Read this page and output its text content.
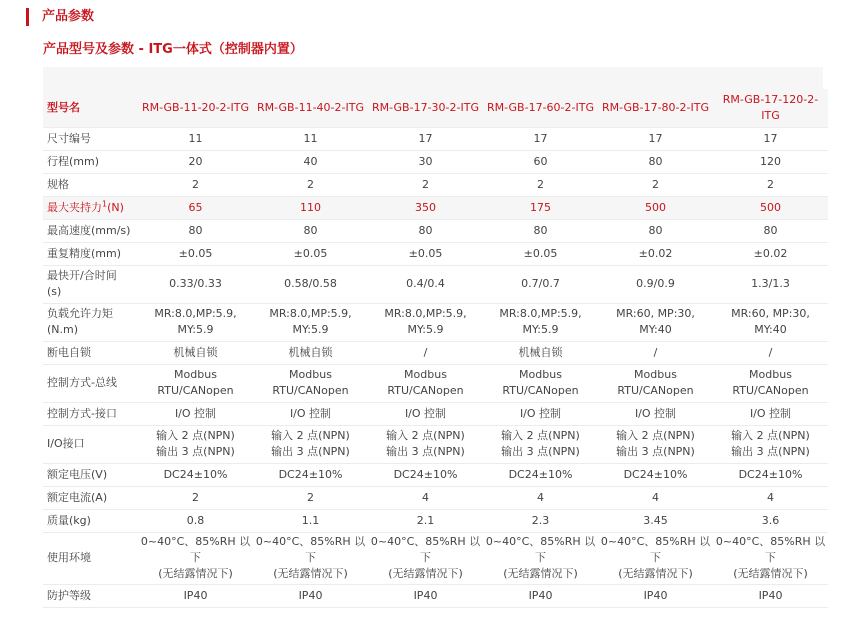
产品参数
产品型号及参数 - ITG一体式（控制器内置）
型号名	RM-GB-11-20-2-ITG	RM-GB-11-40-2-ITG	RM-GB-17-30-2-ITG	RM-GB-17-60-2-ITG	RM-GB-17-80-2-ITG	RM-GB-17-120-2-ITG
尺寸编号	11	11	17	17	17	17
行程(mm)	20	40	30	60	80	120
规格	2	2	2	2	2	2
最大夹持力$^1$(N)	65	110	350	175	500	500
最高速度(mm/s)	80	80	80	80	80	80
重复精度(mm)	±0.05	±0.05	±0.05	±0.05	±0.02	±0.02
最快开/合时间
(s)	0.33/0.33	0.58/0.58	0.4/0.4	0.7/0.7	0.9/0.9	1.3/1.3
负载允许力矩
(N.m)	MR:8.0,MP:5.9,
MY:5.9	MR:8.0,MP:5.9,
MY:5.9	MR:8.0,MP:5.9,
MY:5.9	MR:8.0,MP:5.9,
MY:5.9	MR:60, MP:30,
MY:40	MR:60, MP:30,
MY:40
断电自锁	机械自锁	机械自锁	/	机械自锁	/	/
控制方式-总线	Modbus
RTU/CANopen	Modbus
RTU/CANopen	Modbus
RTU/CANopen	Modbus
RTU/CANopen	Modbus
RTU/CANopen	Modbus
RTU/CANopen
控制方式-接口	I/O 控制	I/O 控制	I/O 控制	I/O 控制	I/O 控制	I/O 控制
I/O接口	输入 2 点(NPN)
输出 3 点(NPN)	输入 2 点(NPN)
输出 3 点(NPN)	输入 2 点(NPN)
输出 3 点(NPN)	输入 2 点(NPN)
输出 3 点(NPN)	输入 2 点(NPN)
输出 3 点(NPN)	输入 2 点(NPN)
输出 3 点(NPN)
额定电压(V)	DC24±10%	DC24±10%	DC24±10%	DC24±10%	DC24±10%	DC24±10%
额定电流(A)	2	2	4	4	4	4
质量(kg)	0.8	1.1	2.1	2.3	3.45	3.6
使用环境	0~40°C、85%RH 以
下
(无结露情况下)	0~40°C、85%RH 以
下
(无结露情况下)	0~40°C、85%RH 以
下
(无结露情况下)	0~40°C、85%RH 以
下
(无结露情况下)	0~40°C、85%RH 以
下
(无结露情况下)	0~40°C、85%RH 以
下
(无结露情况下)
防护等级	IP40	IP40	IP40	IP40	IP40	IP40
